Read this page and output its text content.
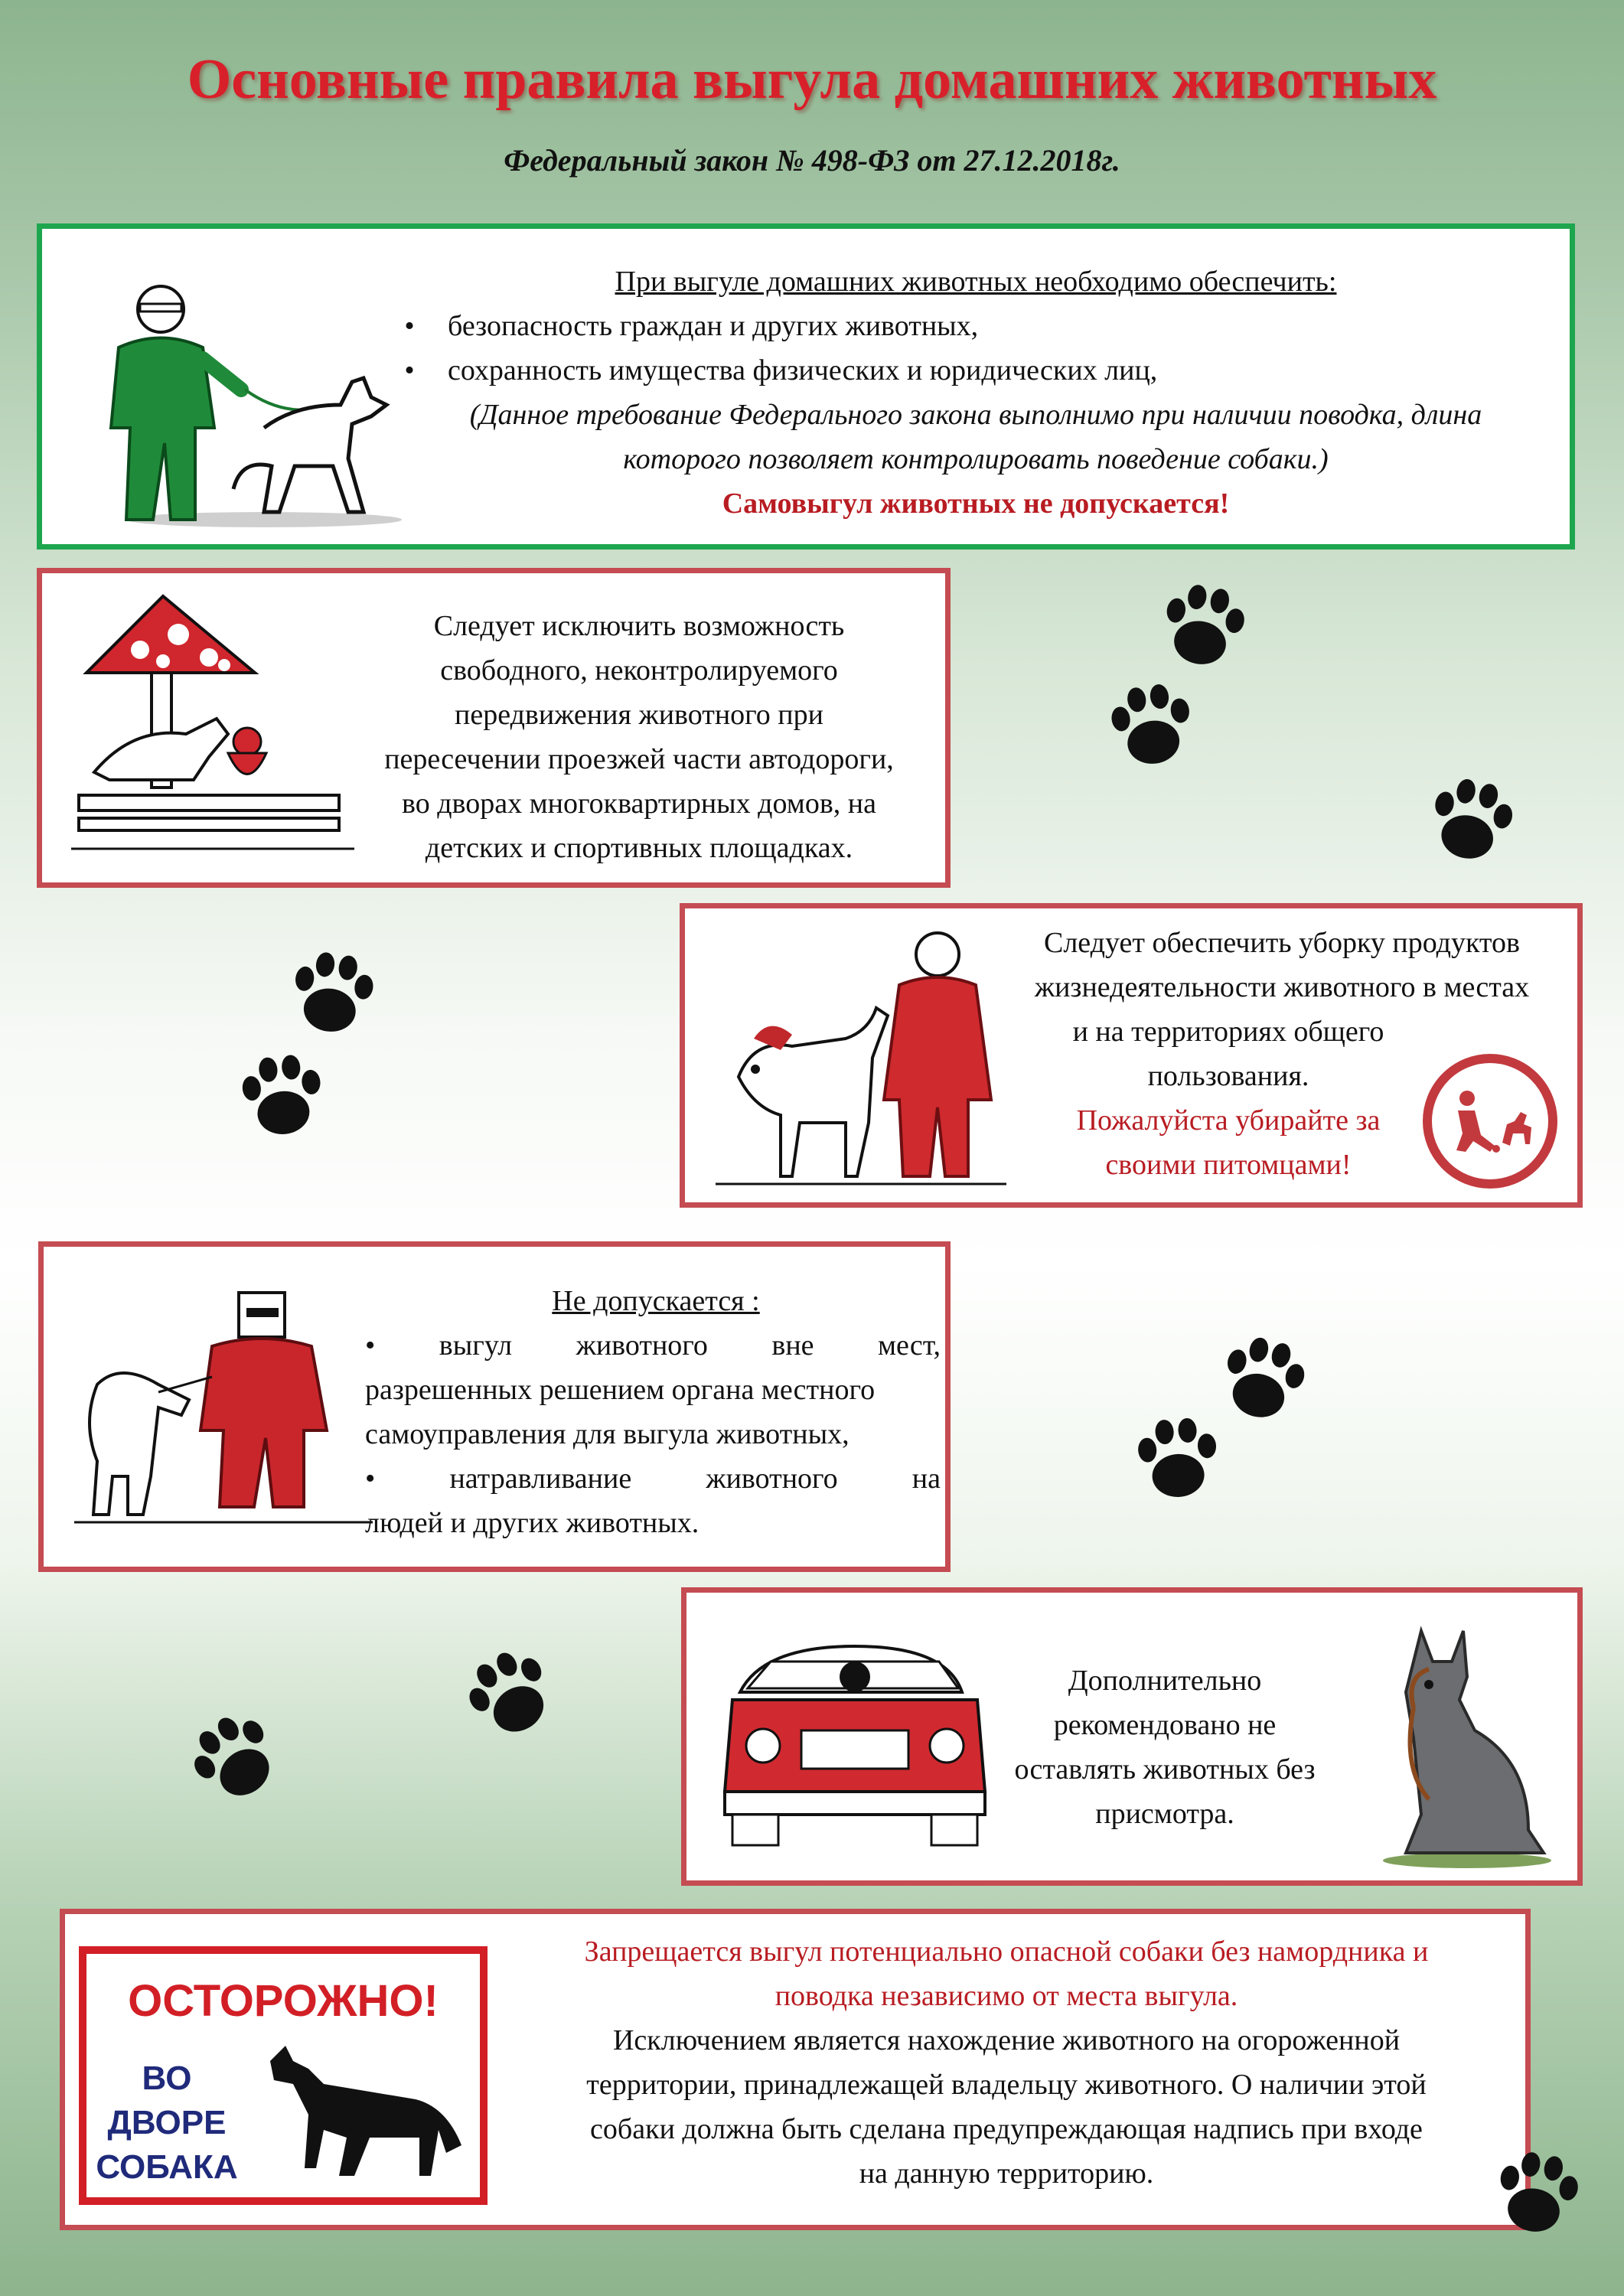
Основные правила выгула домашних животных
Федеральный закон № 498-ФЗ от 27.12.2018г.
При выгуле домашних животных необходимо обеспечить:
•	безопасность граждан и других животных,
•	сохранность имущества физических и юридических лиц,
(Данное требование Федерального закона выполнимо при наличии поводка, длина
которого позволяет контролировать поведение собаки.)
Самовыгул животных не допускается!
Следует исключить возможность
свободного, неконтролируемого
передвижения животного при
пересечении проезжей части автодороги,
во дворах многоквартирных домов, на
детских и спортивных площадках.
Следует обеспечить уборку продуктов
жизнедеятельности животного в местах
и на территориях общего
пользования.
Пожалуйста убирайте за
своими питомцами!
Не допускается :
• выгул животного вне мест,
разрешенных решением органа местного
самоуправления для выгула животных,
•	натравливание	животного	на
людей и других животных.
Дополнительно
рекомендовано не
оставлять животных без
присмотра.
ОСТОРОЖНО!
ВО
ДВОРЕ
СОБАКА
Запрещается выгул потенциально опасной собаки без намордника и
поводка независимо от места выгула.
Исключением является нахождение животного на огороженной
территории, принадлежащей владельцу животного. О наличии этой
собаки должна быть сделана предупреждающая надпись при входе
на данную территорию.
